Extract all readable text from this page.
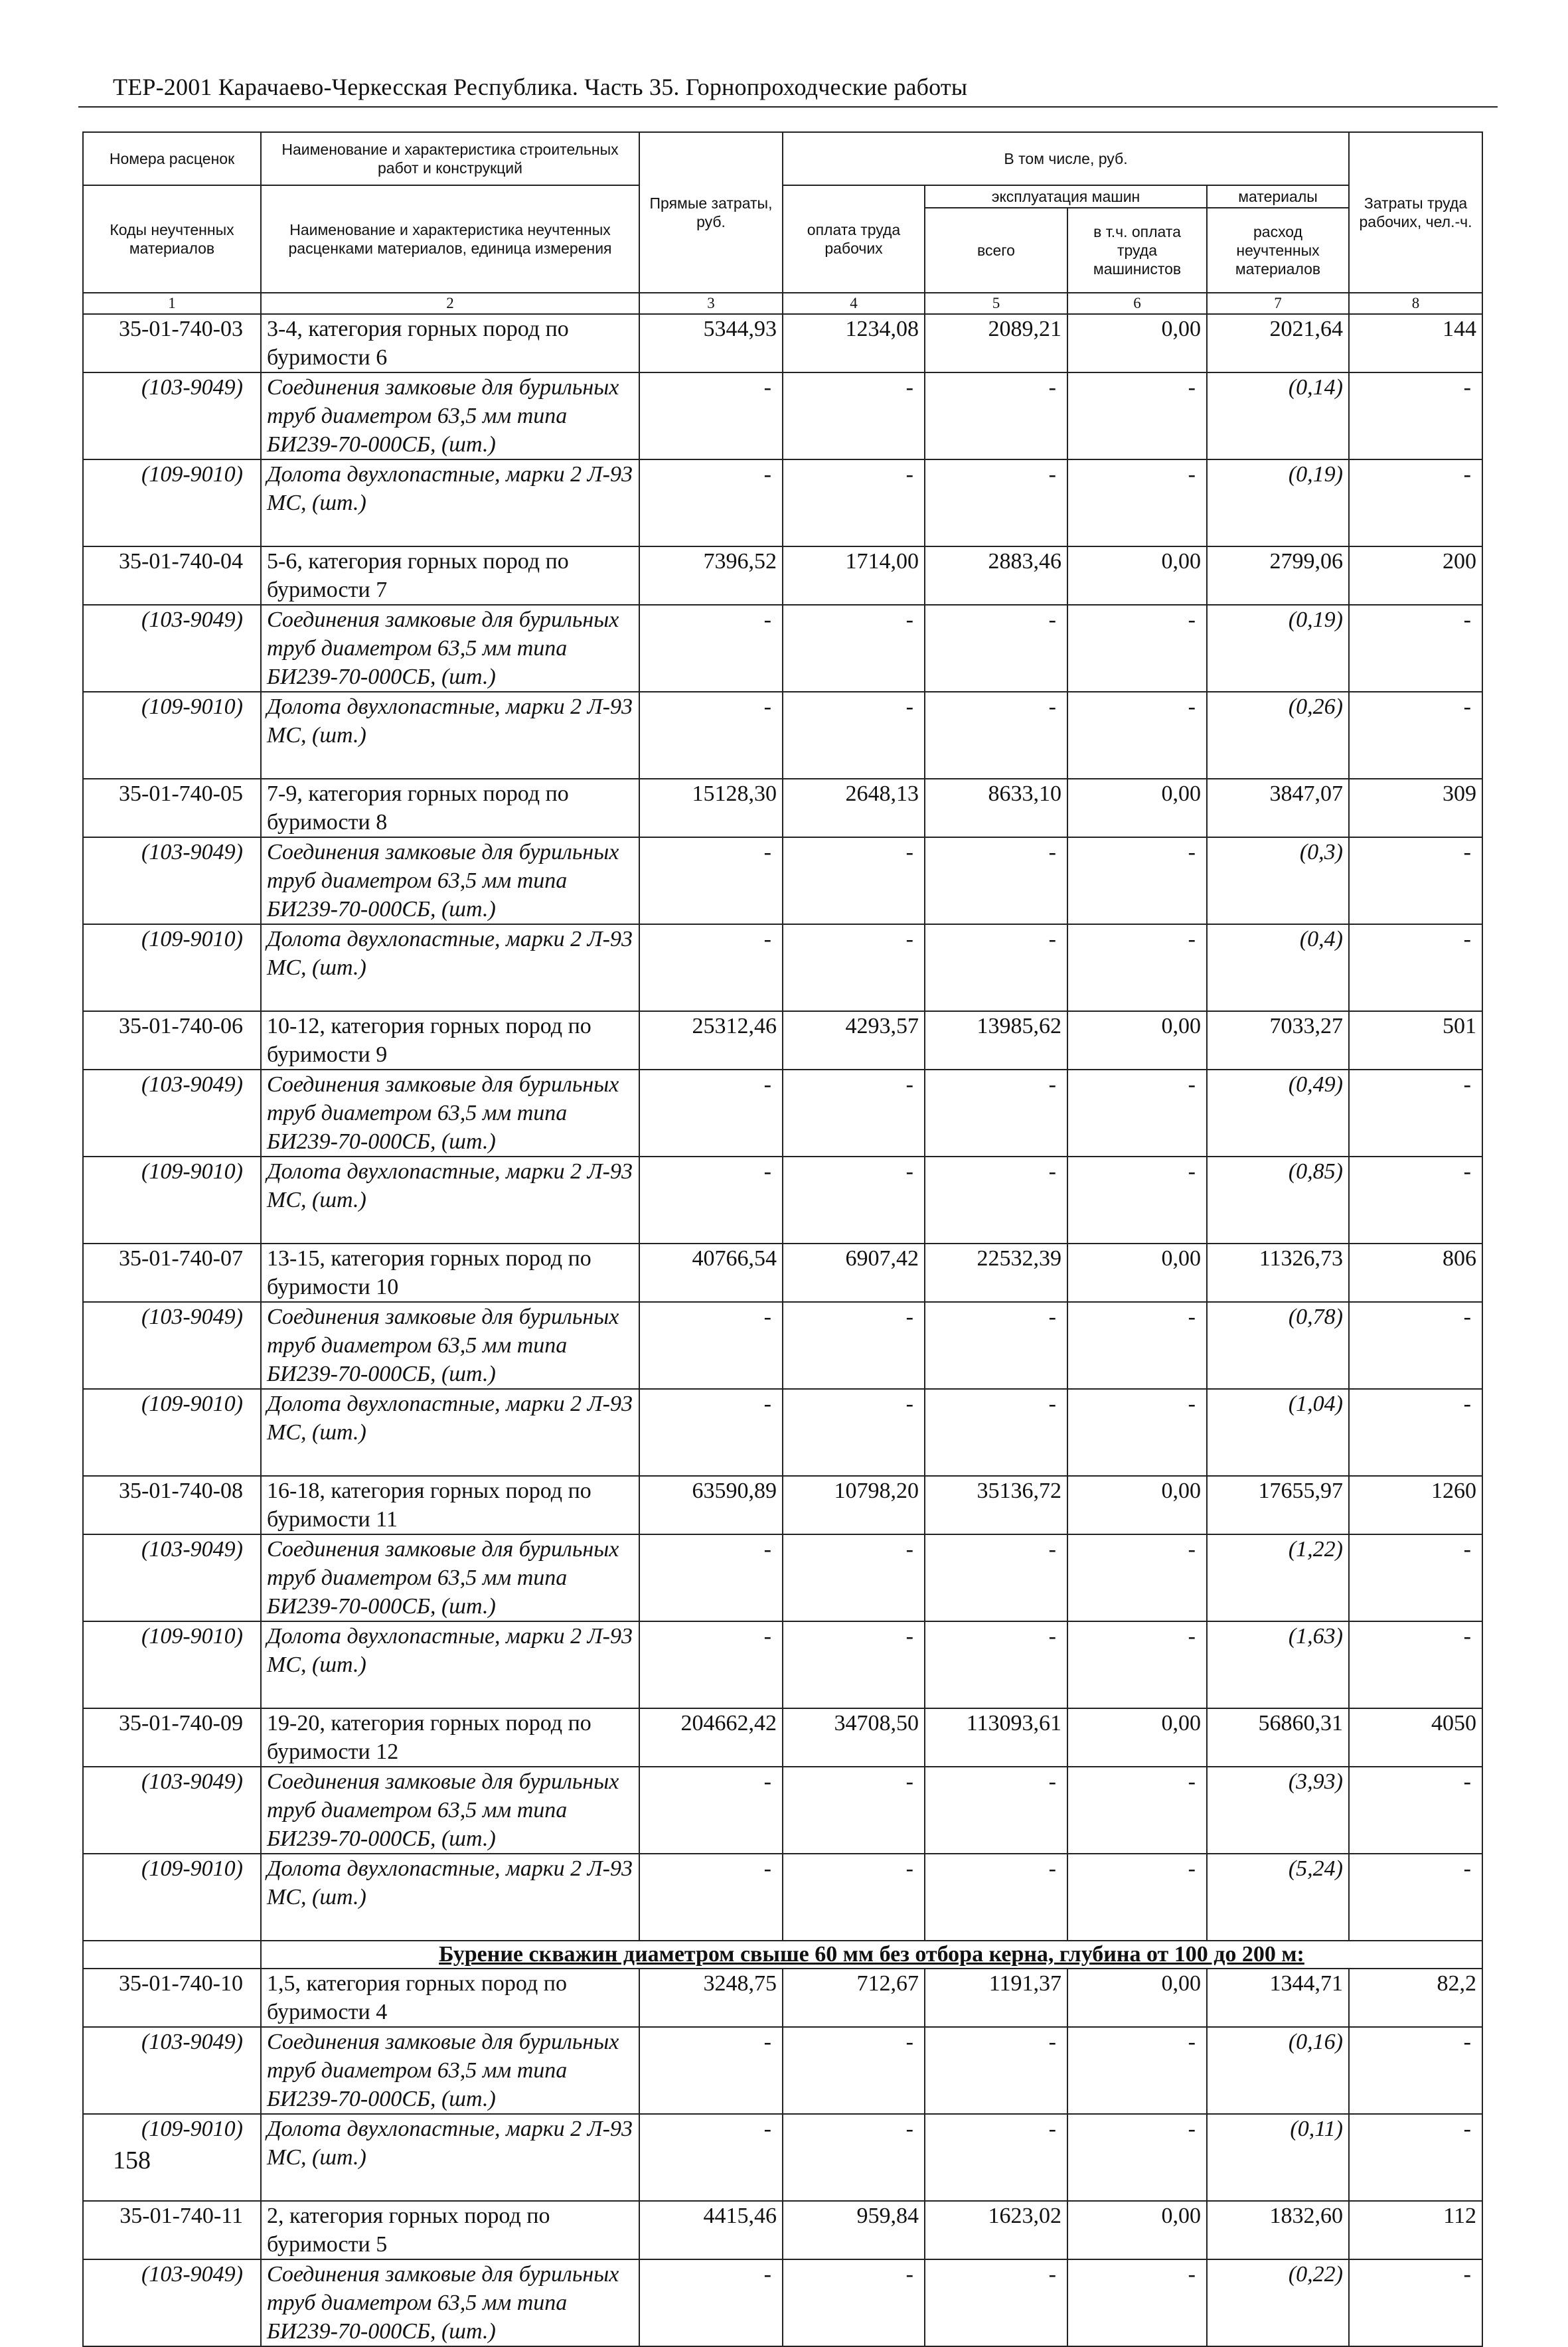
ТЕР-2001 Карачаево-Черкесская Республика. Часть 35. Горнопроходческие работы
Номера расценок	Наименование и характеристика строительных работ и конструкций	Прямые затраты, руб.	В том числе, руб.				Затраты труда рабочих, чел.-ч.
Коды неучтенных материалов	Наименование и характеристика неучтенных расценками материалов, единица измерения		оплата труда рабочих	эксплуатация машин		материалы	
				всего	в т.ч. оплата труда машинистов	расход неучтенных материалов	
1	2	3	4	5	6	7	8
35-01-740-03	3-4, категория горных пород по буримости 6	5344,93	1234,08	2089,21	0,00	2021,64	144
(103-9049)	Соединения замковые для бурильных труб диаметром 63,5 мм типа БИ239-70-000СБ, (шт.)	-	-	-	-	(0,14)	-
(109-9010)	Долота двухлопастные, марки 2 Л-93 МС, (шт.)	-	-	-	-	(0,19)	-
35-01-740-04	5-6, категория горных пород по буримости 7	7396,52	1714,00	2883,46	0,00	2799,06	200
(103-9049)	Соединения замковые для бурильных труб диаметром 63,5 мм типа БИ239-70-000СБ, (шт.)	-	-	-	-	(0,19)	-
(109-9010)	Долота двухлопастные, марки 2 Л-93 МС, (шт.)	-	-	-	-	(0,26)	-
35-01-740-05	7-9, категория горных пород по буримости 8	15128,30	2648,13	8633,10	0,00	3847,07	309
(103-9049)	Соединения замковые для бурильных труб диаметром 63,5 мм типа БИ239-70-000СБ, (шт.)	-	-	-	-	(0,3)	-
(109-9010)	Долота двухлопастные, марки 2 Л-93 МС, (шт.)	-	-	-	-	(0,4)	-
35-01-740-06	10-12, категория горных пород по буримости 9	25312,46	4293,57	13985,62	0,00	7033,27	501
(103-9049)	Соединения замковые для бурильных труб диаметром 63,5 мм типа БИ239-70-000СБ, (шт.)	-	-	-	-	(0,49)	-
(109-9010)	Долота двухлопастные, марки 2 Л-93 МС, (шт.)	-	-	-	-	(0,85)	-
35-01-740-07	13-15, категория горных пород по буримости 10	40766,54	6907,42	22532,39	0,00	11326,73	806
(103-9049)	Соединения замковые для бурильных труб диаметром 63,5 мм типа БИ239-70-000СБ, (шт.)	-	-	-	-	(0,78)	-
(109-9010)	Долота двухлопастные, марки 2 Л-93 МС, (шт.)	-	-	-	-	(1,04)	-
35-01-740-08	16-18, категория горных пород по буримости 11	63590,89	10798,20	35136,72	0,00	17655,97	1260
(103-9049)	Соединения замковые для бурильных труб диаметром 63,5 мм типа БИ239-70-000СБ, (шт.)	-	-	-	-	(1,22)	-
(109-9010)	Долота двухлопастные, марки 2 Л-93 МС, (шт.)	-	-	-	-	(1,63)	-
35-01-740-09	19-20, категория горных пород по буримости 12	204662,42	34708,50	113093,61	0,00	56860,31	4050
(103-9049)	Соединения замковые для бурильных труб диаметром 63,5 мм типа БИ239-70-000СБ, (шт.)	-	-	-	-	(3,93)	-
(109-9010)	Долота двухлопастные, марки 2 Л-93 МС, (шт.)	-	-	-	-	(5,24)	-
	Бурение скважин диаметром свыше 60 мм без отбора керна, глубина от 100 до 200 м:						
35-01-740-10	1,5, категория горных пород по буримости 4	3248,75	712,67	1191,37	0,00	1344,71	82,2
(103-9049)	Соединения замковые для бурильных труб диаметром 63,5 мм типа БИ239-70-000СБ, (шт.)	-	-	-	-	(0,16)	-
(109-9010)	Долота двухлопастные, марки 2 Л-93 МС, (шт.)	-	-	-	-	(0,11)	-
35-01-740-11	2, категория горных пород по буримости 5	4415,46	959,84	1623,02	0,00	1832,60	112
(103-9049)	Соединения замковые для бурильных труб диаметром 63,5 мм типа БИ239-70-000СБ, (шт.)	-	-	-	-	(0,22)	-
158
